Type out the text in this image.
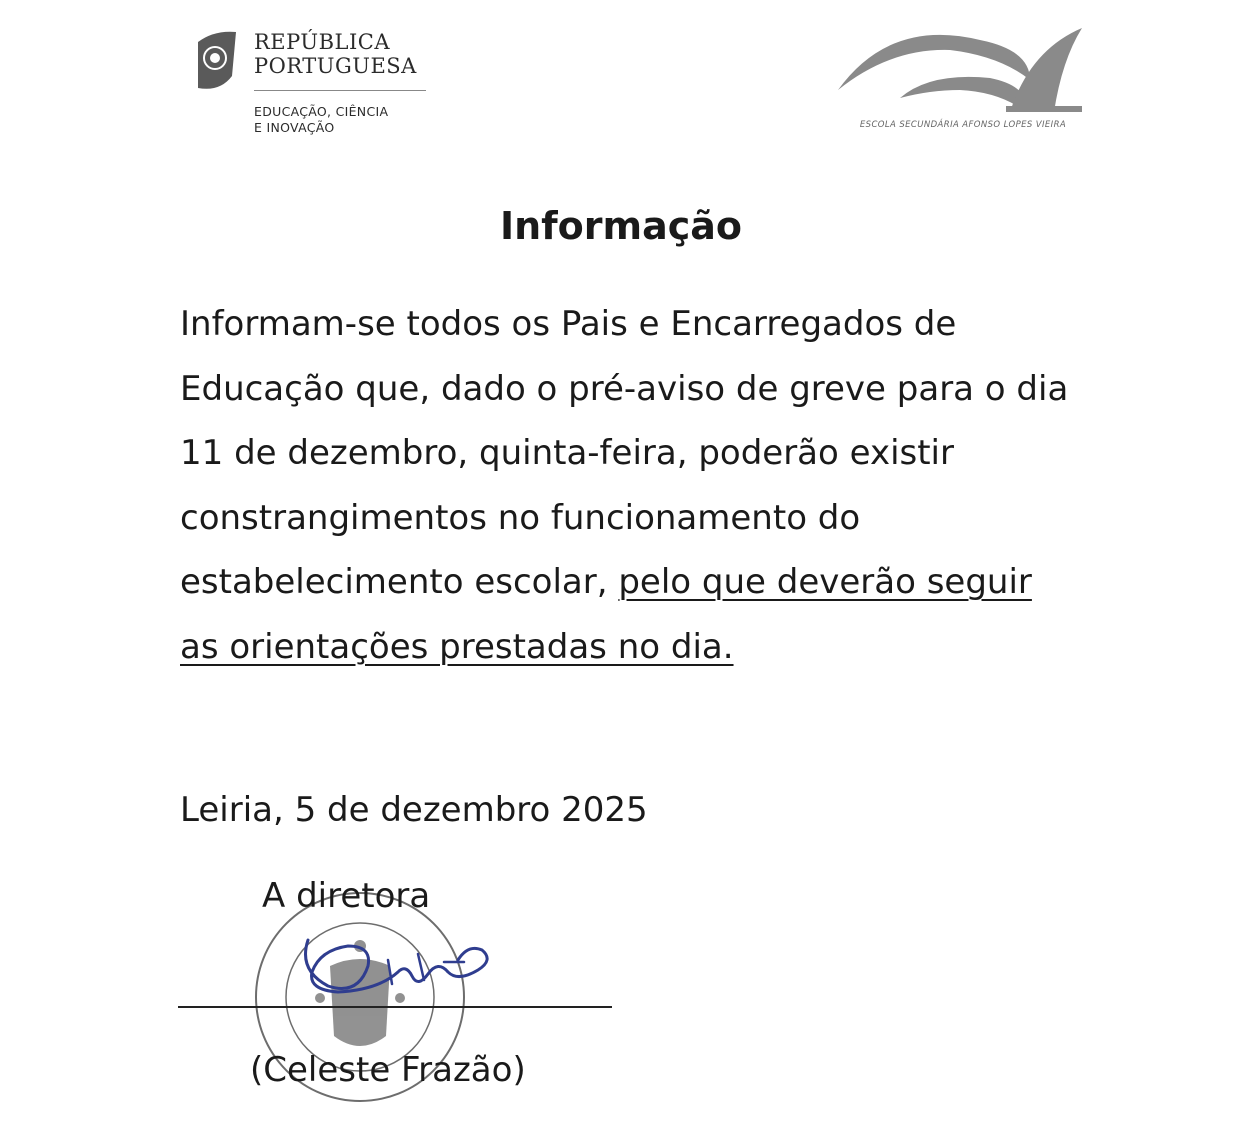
REPÚBLICA
PORTUGUESA
EDUCAÇÃO, CIÊNCIA
E INOVAÇÃO	ESCOLA SECUNDÁRIA AFONSO LOPES VIEIRA
Informação
Informam-se todos os Pais e Encarregados de Educação que, dado o pré-aviso de greve para o dia 11 de dezembro, quinta-feira, poderão existir constrangimentos no funcionamento do estabelecimento escolar, pelo que deverão seguir as orientações prestadas no dia.
Leiria, 5 de dezembro 2025
A diretora
(Celeste Frazão)
